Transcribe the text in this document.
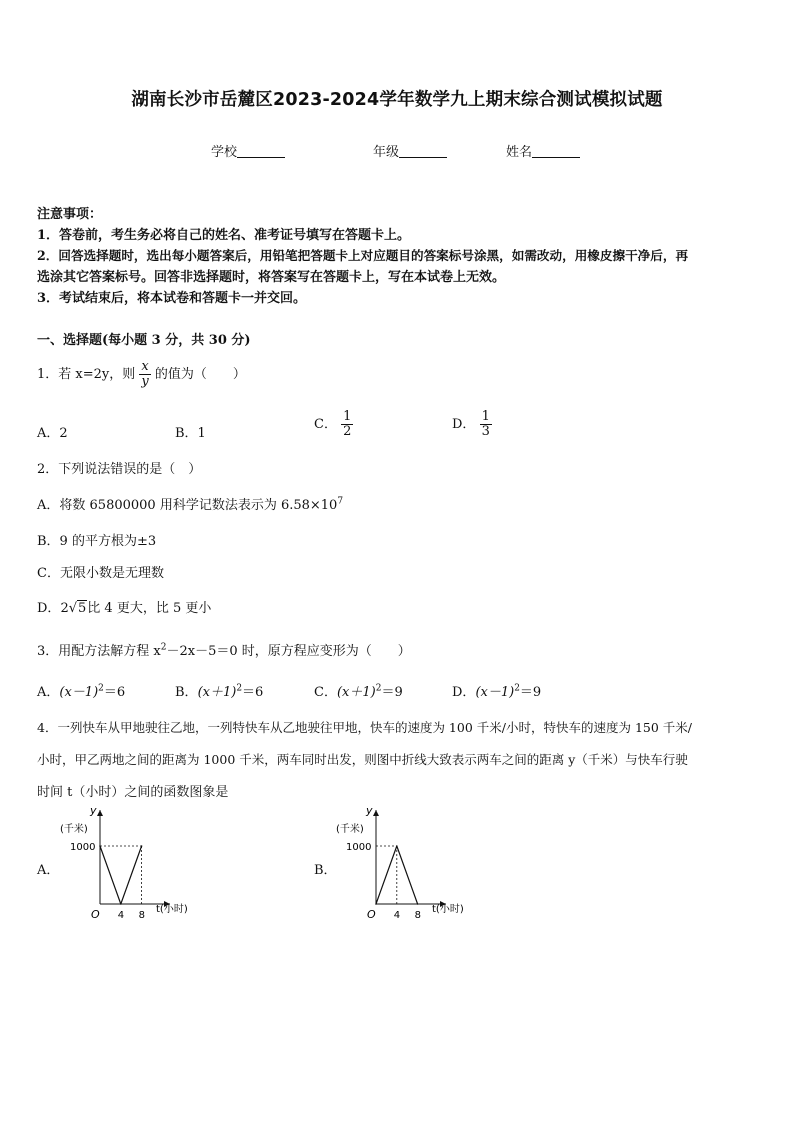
湖南长沙市岳麓区2023-2024学年数学九上期末综合测试模拟试题
学校	年级	姓名
注意事项：
1．答卷前，考生务必将自己的姓名、准考证号填写在答题卡上。
2．回答选择题时，选出每小题答案后，用铅笔把答题卡上对应题目的答案标号涂黑，如需改动，用橡皮擦干净后，再
选涂其它答案标号。回答非选择题时，将答案写在答题卡上，写在本试卷上无效。
3．考试结束后，将本试卷和答题卡一并交回。
一、选择题(每小题 3 分，共 30 分)
1．若 x=2y，则 $\frac{x}{y}$ 的值为（　　）
A．2	B．1
C． $\frac{1}{2}$	D． $\frac{1}{3}$
2．下列说法错误的是（　）
A．将数 65800000 用科学记数法表示为 $6.58\times 10^7$
B．9 的平方根为±3
C．无限小数是无理数
D．2√5比 4 更大，比 5 更小
3．用配方法解方程 $x^2-2x-5=0$ 时，原方程应变形为（　　）
A．$(x-1)^2=6$	B．$(x+1)^2=6$	C．$(x+1)^2=9$	D．$(x-1)^2=9$
4．一列快车从甲地驶往乙地，一列特快车从乙地驶往甲地，快车的速度为 100 千米/小时，特快车的速度为 150 千米/
小时，甲乙两地之间的距离为 1000 千米，两车同时出发，则图中折线大致表示两车之间的距离 y（千米）与快车行驶
时间 t（小时）之间的函数图象是
A．	B．
y
(千米)
O	t(小时)
1000
4 8
y
(千米)
O	t(小时)
1000
4 8
